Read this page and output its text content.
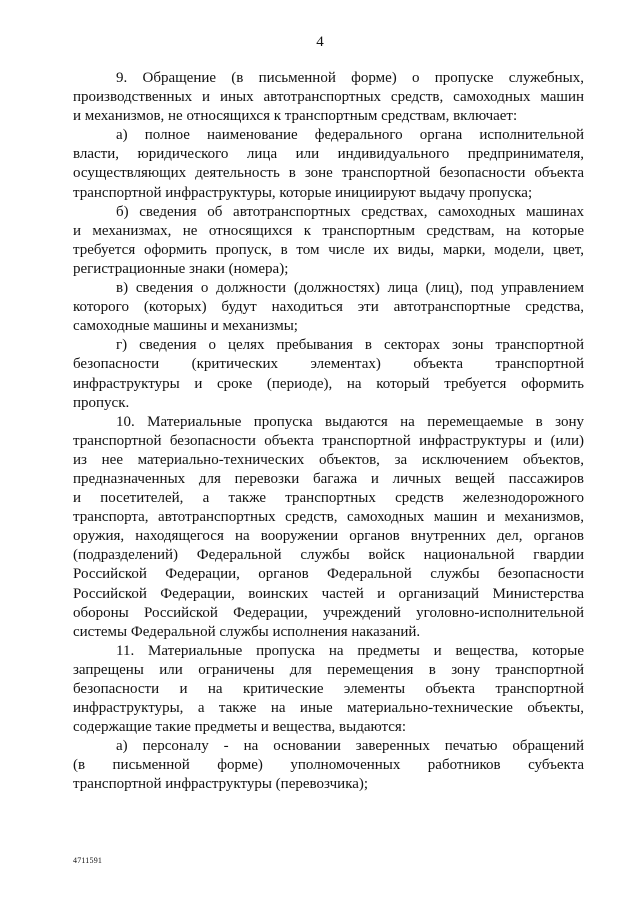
4
9. Обращение (в письменной форме) о пропуске служебных,
производственных и иных автотранспортных средств, самоходных машин
и механизмов, не относящихся к транспортным средствам, включает:
а) полное наименование федерального органа исполнительной
власти, юридического лица или индивидуального предпринимателя,
осуществляющих деятельность в зоне транспортной безопасности объекта
транспортной инфраструктуры, которые инициируют выдачу пропуска;
б) сведения об автотранспортных средствах, самоходных машинах
и механизмах, не относящихся к транспортным средствам, на которые
требуется оформить пропуск, в том числе их виды, марки, модели, цвет,
регистрационные знаки (номера);
в) сведения о должности (должностях) лица (лиц), под управлением
которого (которых) будут находиться эти автотранспортные средства,
самоходные машины и механизмы;
г) сведения о целях пребывания в секторах зоны транспортной
безопасности (критических элементах) объекта транспортной
инфраструктуры и сроке (периоде), на который требуется оформить
пропуск.
10. Материальные пропуска выдаются на перемещаемые в зону
транспортной безопасности объекта транспортной инфраструктуры и (или)
из нее материально-технических объектов, за исключением объектов,
предназначенных для перевозки багажа и личных вещей пассажиров
и посетителей, а также транспортных средств железнодорожного
транспорта, автотранспортных средств, самоходных машин и механизмов,
оружия, находящегося на вооружении органов внутренних дел, органов
(подразделений) Федеральной службы войск национальной гвардии
Российской Федерации, органов Федеральной службы безопасности
Российской Федерации, воинских частей и организаций Министерства
обороны Российской Федерации, учреждений уголовно-исполнительной
системы Федеральной службы исполнения наказаний.
11. Материальные пропуска на предметы и вещества, которые
запрещены или ограничены для перемещения в зону транспортной
безопасности и на критические элементы объекта транспортной
инфраструктуры, а также на иные материально-технические объекты,
содержащие такие предметы и вещества, выдаются:
а) персоналу - на основании заверенных печатью обращений
(в письменной форме) уполномоченных работников субъекта
транспортной инфраструктуры (перевозчика);
4711591
